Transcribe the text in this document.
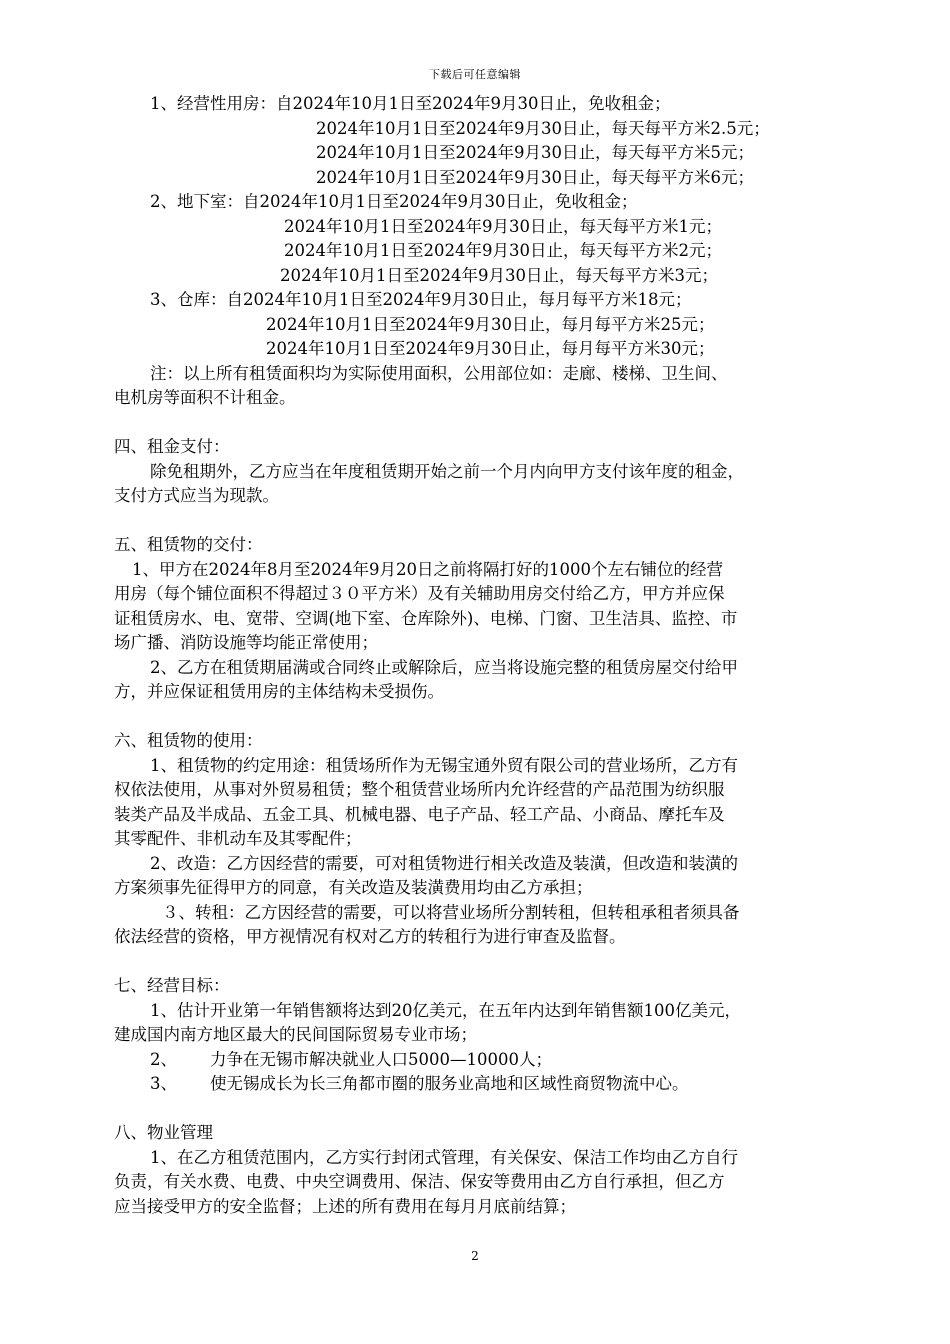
下载后可任意编辑
1、经营性用房：自2024年10月1日至2024年9月30日止，免收租金；
2024年10月1日至2024年9月30日止，每天每平方米2.5元；
2024年10月1日至2024年9月30日止，每天每平方米5元；
2024年10月1日至2024年9月30日止，每天每平方米6元；
2、地下室：自2024年10月1日至2024年9月30日止，免收租金；
2024年10月1日至2024年9月30日止，每天每平方米1元；
2024年10月1日至2024年9月30日止，每天每平方米2元；
2024年10月1日至2024年9月30日止，每天每平方米3元；
3、仓库：自2024年10月1日至2024年9月30日止，每月每平方米18元；
2024年10月1日至2024年9月30日止，每月每平方米25元；
2024年10月1日至2024年9月30日止，每月每平方米30元；
注：以上所有租赁面积均为实际使用面积，公用部位如：走廊、楼梯、卫生间、
电机房等面积不计租金。
四、租金支付：
除免租期外，乙方应当在年度租赁期开始之前一个月内向甲方支付该年度的租金，
支付方式应当为现款。
五、租赁物的交付：
1、甲方在2024年8月至2024年9月20日之前将隔打好的1000个左右铺位的经营
用房（每个铺位面积不得超过３０平方米）及有关辅助用房交付给乙方，甲方并应保
证租赁房水、电、宽带、空调(地下室、仓库除外)、电梯、门窗、卫生洁具、监控、市
场广播、消防设施等均能正常使用；
2、乙方在租赁期届满或合同终止或解除后，应当将设施完整的租赁房屋交付给甲
方，并应保证租赁用房的主体结构未受损伤。
六、租赁物的使用：
1、租赁物的约定用途：租赁场所作为无锡宝通外贸有限公司的营业场所，乙方有
权依法使用，从事对外贸易租赁；整个租赁营业场所内允许经营的产品范围为纺织服
装类产品及半成品、五金工具、机械电器、电子产品、轻工产品、小商品、摩托车及
其零配件、非机动车及其零配件；
2、改造：乙方因经营的需要，可对租赁物进行相关改造及装潢，但改造和装潢的
方案须事先征得甲方的同意，有关改造及装潢费用均由乙方承担；
３、转租：乙方因经营的需要，可以将营业场所分割转租，但转租承租者须具备
依法经营的资格，甲方视情况有权对乙方的转租行为进行审查及监督。
七、经营目标：
1、估计开业第一年销售额将达到20亿美元，在五年内达到年销售额100亿美元，
建成国内南方地区最大的民间国际贸易专业市场；
2、 力争在无锡市解决就业人口5000—10000人；
3、 使无锡成长为长三角都市圈的服务业高地和区域性商贸物流中心。
八、物业管理
1、在乙方租赁范围内，乙方实行封闭式管理，有关保安、保洁工作均由乙方自行
负责，有关水费、电费、中央空调费用、保洁、保安等费用由乙方自行承担，但乙方
应当接受甲方的安全监督；上述的所有费用在每月月底前结算；
2
